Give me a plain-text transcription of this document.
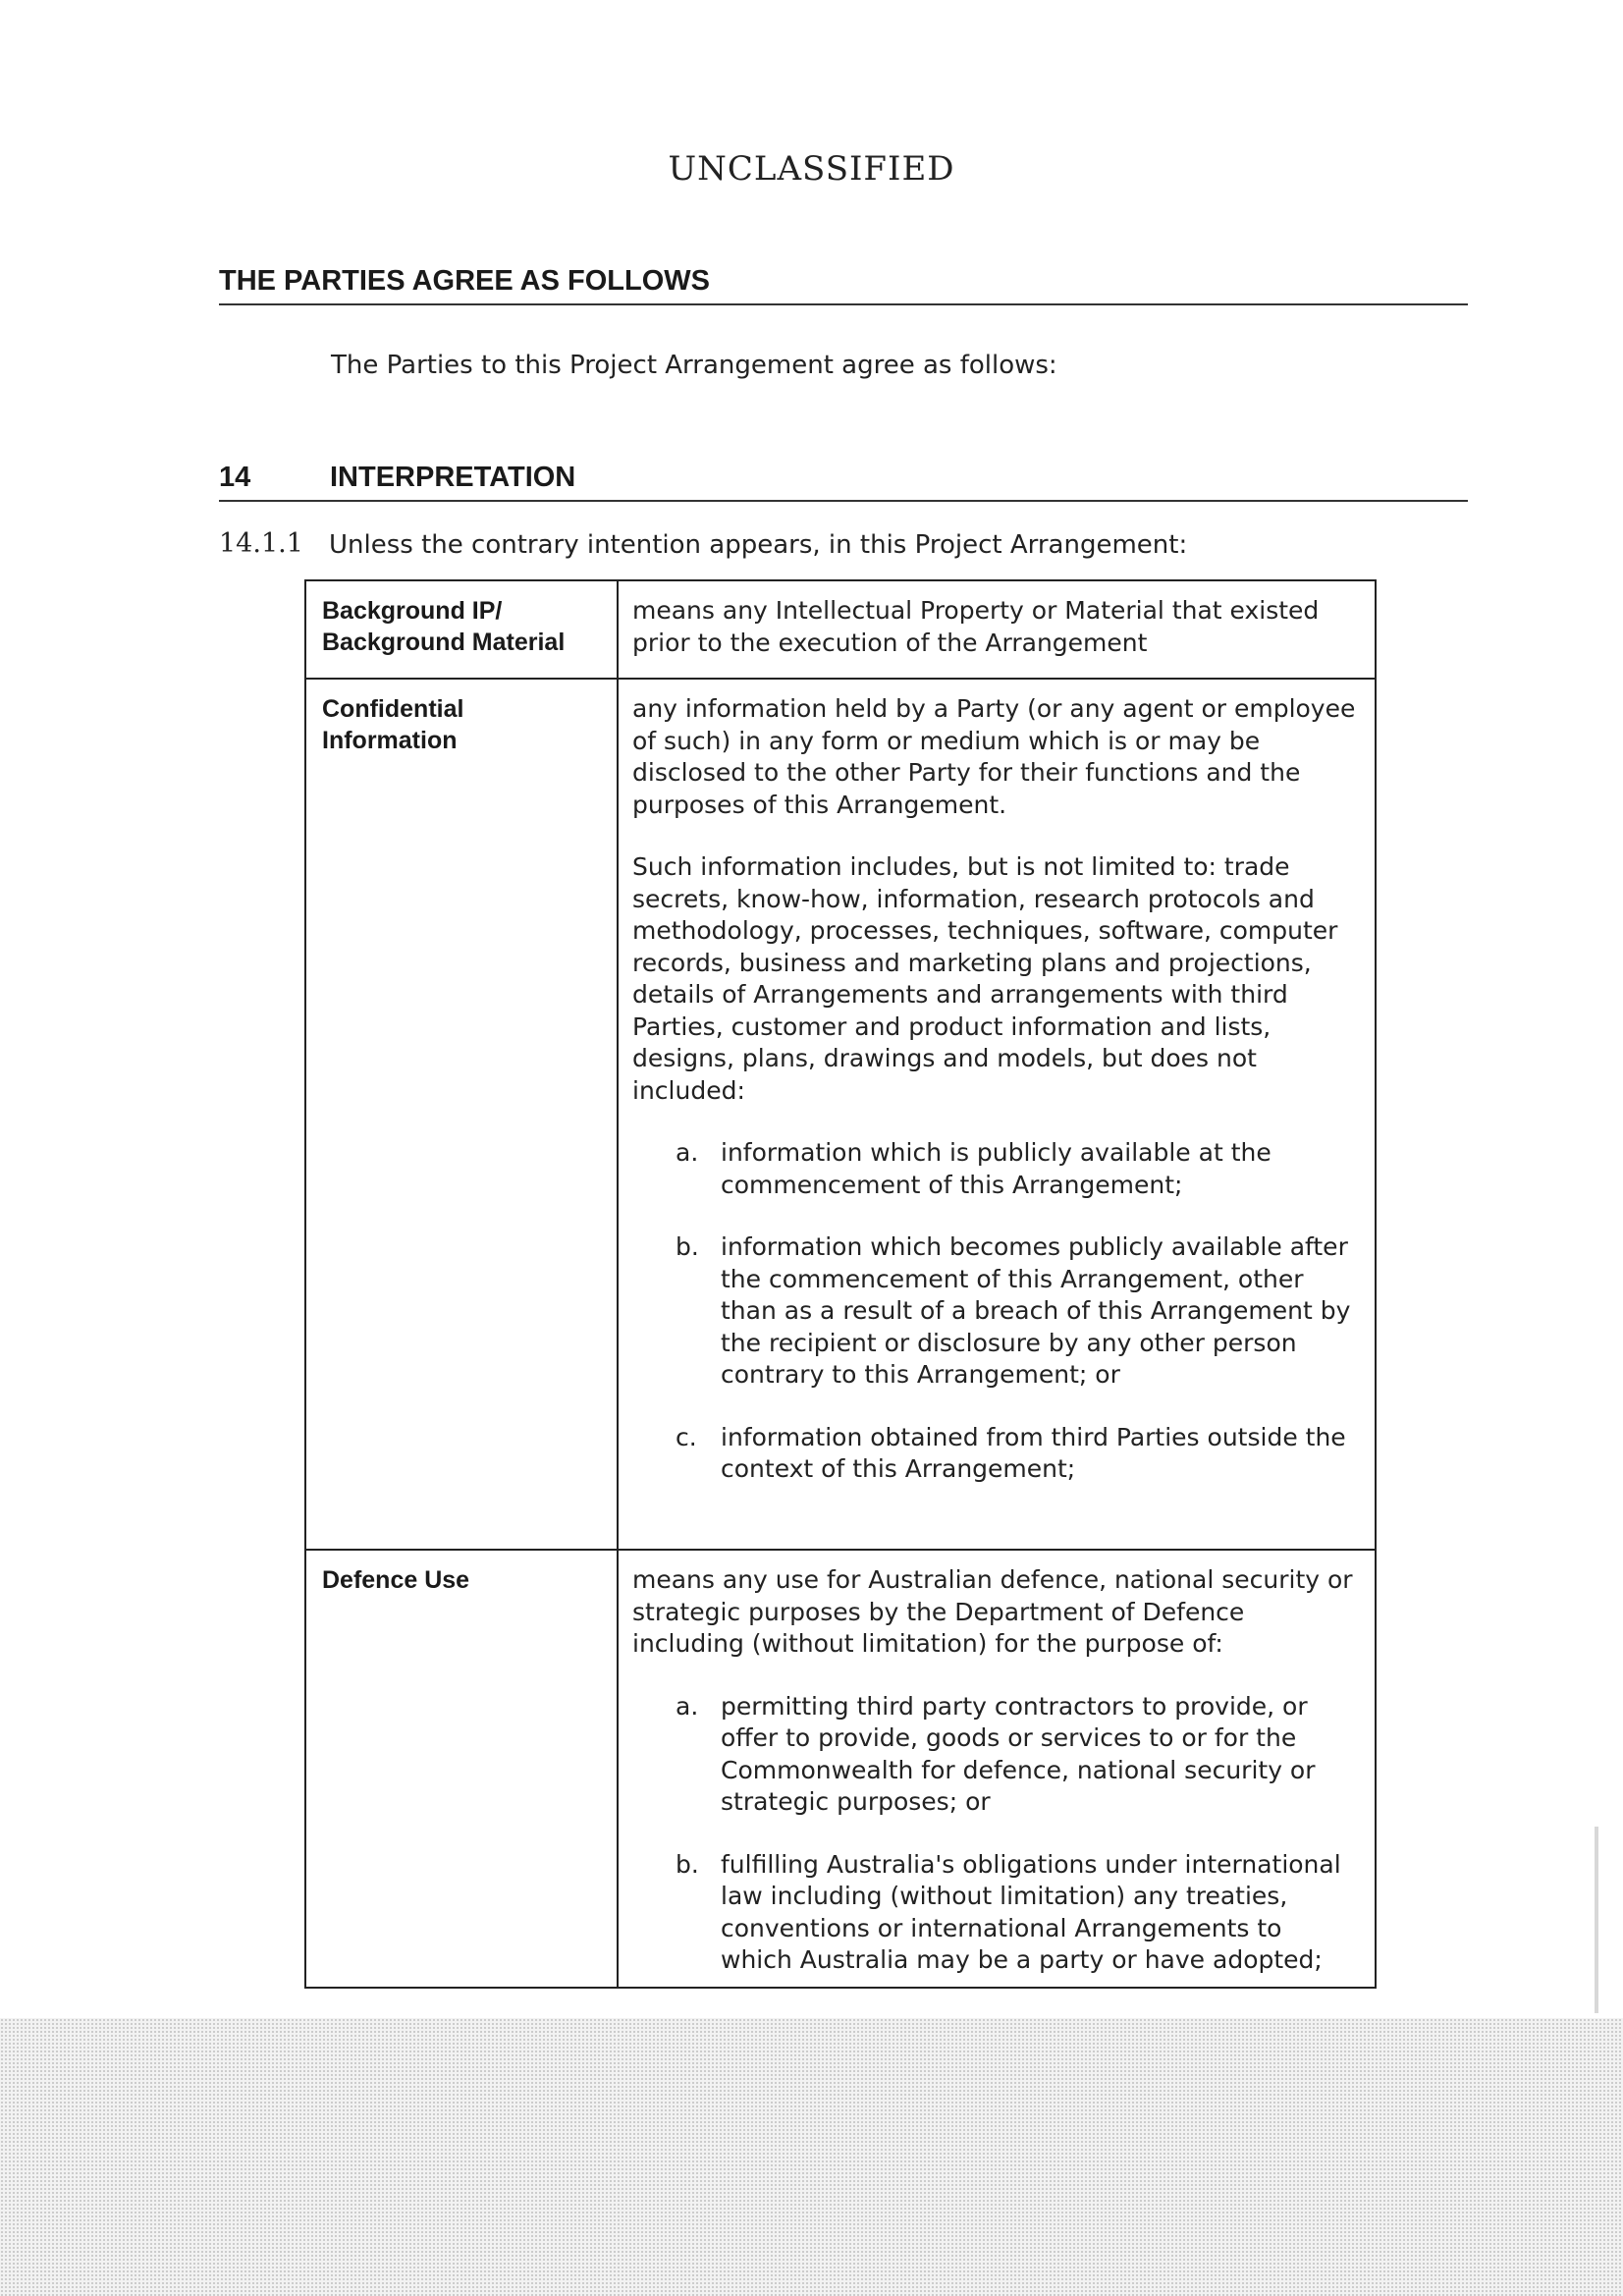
UNCLASSIFIED
THE PARTIES AGREE AS FOLLOWS
The Parties to this Project Arrangement agree as follows:
14	INTERPRETATION
14.1.1 Unless the contrary intention appears, in this Project Arrangement:
Background IP/
Background Material

means any Intellectual Property or Material that existed prior to the execution of the Arrangement

Confidential
Information

any information held by a Party (or any agent or employee of such) in any form or medium which is or may be disclosed to the other Party for their functions and the purposes of this Arrangement.

Such information includes, but is not limited to: trade secrets, know-how, information, research protocols and methodology, processes, techniques, software, computer records, business and marketing plans and projections, details of Arrangements and arrangements with third Parties, customer and product information and lists, designs, plans, drawings and models, but does not included:

a. information which is publicly available at the commencement of this Arrangement;
b. information which becomes publicly available after the commencement of this Arrangement, other than as a result of a breach of this Arrangement by the recipient or disclosure by any other person contrary to this Arrangement; or
c. information obtained from third Parties outside the context of this Arrangement;
Defence Use	means any use for Australian defence, national security or strategic purposes by the Department of Defence including (without limitation) for the purpose of:

a. permitting third party contractors to provide, or offer to provide, goods or services to or for the Commonwealth for defence, national security or strategic purposes; or
b. fulfilling Australia's obligations under international law including (without limitation) any treaties, conventions or international Arrangements to which Australia may be a party or have adopted;
